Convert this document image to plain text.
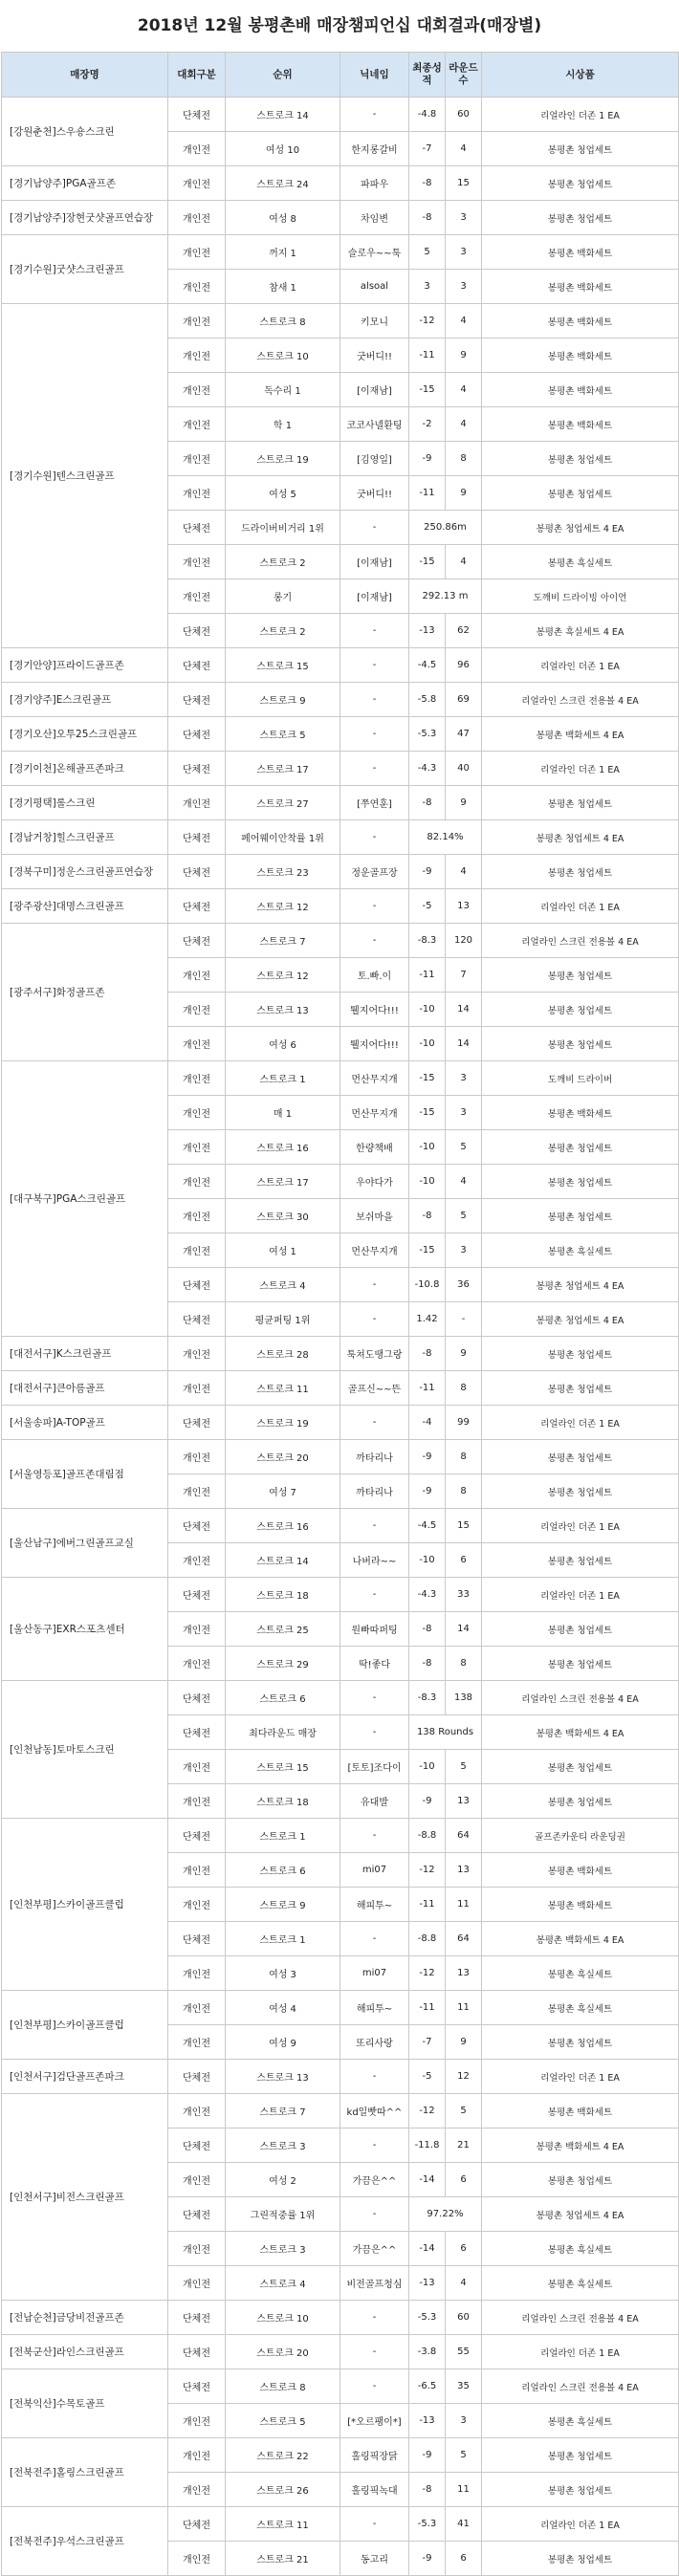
2018년 12월 봉평촌배 매장챔피언십 대회결과(매장별)
매장명	대회구분	순위	닉네임	최종성적	라운드수	시상품
[강원춘천]스우숑스크린	단체전	스트로크 14	-	-4.8	60	리얼라인 더존 1 EA
	개인전	여성 10	한지롱갈비	-7	4	봉평촌 청업세트
[경기남양주]PGA골프존	개인전	스트로크 24	파파우	-8	15	봉평촌 청업세트
[경기남양주]장현굿샷골프연습장	개인전	여성 8	차임변	-8	3	봉평촌 청업세트
[경기수원]굿샷스크린골프	개인전	꺼지 1	슬로우~~툭	5	3	봉평촌 백화세트
	개인전	참새 1	alsoal	3	3	봉평촌 백화세트
[경기수원]텐스크린골프	개인전	스트로크 8	키모니	-12	4	봉평촌 백화세트
	개인전	스트로크 10	굿버디!!	-11	9	봉평촌 백화세트
	개인전	독수리 1	[이재남]	-15	4	봉평촌 백화세트
	개인전	학 1	코코사넬환팅	-2	4	봉평촌 백화세트
	개인전	스트로크 19	[김영일]	-9	8	봉평촌 청업세트
	개인전	여성 5	굿버디!!	-11	9	봉평촌 청업세트
	단체전	드라이버비거리 1위	-	250.86m		봉평촌 청업세트 4 EA
	개인전	스트로크 2	[이재남]	-15	4	봉평촌 흑실세트
	개인전	롱기	[이재남]	292.13 m		도깨비 드라이빙 아이언
	단체전	스트로크 2	-	-13	62	봉평촌 흑실세트 4 EA
[경기안양]프라이드골프존	단체전	스트로크 15	-	-4.5	96	리얼라인 더존 1 EA
[경기양주]E스크린골프	단체전	스트로크 9	-	-5.8	69	리얼라인 스크린 전용볼 4 EA
[경기오산]오투25스크린골프	단체전	스트로크 5	-	-5.3	47	봉평촌 백화세트 4 EA
[경기이천]온해골프존파크	단체전	스트로크 17	-	-4.3	40	리얼라인 더존 1 EA
[경기평택]롤스크린	개인전	스트로크 27	[쭈연훈]	-8	9	봉평촌 청업세트
[경남거창]힐스크린골프	단체전	페어웨이안착률 1위	-	82.14%		봉평촌 청업세트 4 EA
[경북구미]정운스크린골프연습장	단체전	스트로크 23	정운골프장	-9	4	봉평촌 청업세트
[광주광산]대명스크린골프	단체전	스트로크 12	-	-5	13	리얼라인 더존 1 EA
[광주서구]화정골프존	단체전	스트로크 7	-	-8.3	120	리얼라인 스크린 전용볼 4 EA
	개인전	스트로크 12	토.빠.이	-11	7	봉평촌 청업세트
	개인전	스트로크 13	퉬지어다!!!	-10	14	봉평촌 청업세트
	개인전	여성 6	퉬지어다!!!	-10	14	봉평촌 청업세트
[대구북구]PGA스크린골프	개인전	스트로크 1	먼산무지개	-15	3	도깨비 드라이버
	개인전	매 1	먼산무지개	-15	3	봉평촌 백화세트
	개인전	스트로크 16	한량책배	-10	5	봉평촌 청업세트
	개인전	스트로크 17	우야다가	-10	4	봉평촌 청업세트
	개인전	스트로크 30	보쉬마을	-8	5	봉평촌 청업세트
	개인전	여성 1	먼산무지개	-15	3	봉평촌 흑실세트
	단체전	스트로크 4	-	-10.8	36	봉평촌 청업세트 4 EA
	단체전	평균퍼팅 1위	-	1.42	-	봉평촌 청업세트 4 EA
[대전서구]K스크린골프	개인전	스트로크 28	툭쳐도땡그랑	-8	9	봉평촌 청업세트
[대전서구]큰아름골프	개인전	스트로크 11	골프신~~뜬	-11	8	봉평촌 청업세트
[서울송파]A-TOP골프	단체전	스트로크 19	-	-4	99	리얼라인 더존 1 EA
[서울영등포]골프존대림점	개인전	스트로크 20	까타리나	-9	8	봉평촌 청업세트
	개인전	여성 7	까타리나	-9	8	봉평촌 청업세트
[울산남구]에버그린골프교실	단체전	스트로크 16	-	-4.5	15	리얼라인 더존 1 EA
	개인전	스트로크 14	나버라~~	-10	6	봉평촌 청업세트
[울산동구]EXR스포츠센터	단체전	스트로크 18	-	-4.3	33	리얼라인 더존 1 EA
	개인전	스트로크 25	원빠따퍼팅	-8	14	봉평촌 청업세트
	개인전	스트로크 29	딱!좋다	-8	8	봉평촌 청업세트
[인천남동]토마토스크린	단체전	스트로크 6	-	-8.3	138	리얼라인 스크린 전용볼 4 EA
	단체전	최다라운드 매장	-	138 Rounds		봉평촌 백화세트 4 EA
	개인전	스트로크 15	[토토]조다이	-10	5	봉평촌 청업세트
	개인전	스트로크 18	유대발	-9	13	봉평촌 청업세트
[인천부평]스카이골프클럽	단체전	스트로크 1	-	-8.8	64	골프존카운티 라운딩권
	개인전	스트로크 6	mi07	-12	13	봉평촌 백화세트
	개인전	스트로크 9	해피투~	-11	11	봉평촌 백화세트
	단체전	스트로크 1	-	-8.8	64	봉평촌 백화세트 4 EA
	개인전	여성 3	mi07	-12	13	봉평촌 흑실세트
[인천부평]스카이골프클럽	개인전	여성 4	해피투~	-11	11	봉평촌 흑실세트
	개인전	여성 9	또리사랑	-7	9	봉평촌 청업세트
[인천서구]검단골프존파크	단체전	스트로크 13	-	-5	12	리얼라인 더존 1 EA
[인천서구]비전스크린골프	개인전	스트로크 7	kd일빳따^^	-12	5	봉평촌 백화세트
	단체전	스트로크 3	-	-11.8	21	봉평촌 백화세트 4 EA
	개인전	여성 2	가끔은^^	-14	6	봉평촌 청업세트
	단체전	그린적중률 1위	-	97.22%		봉평촌 청업세트 4 EA
	개인전	스트로크 3	가끔은^^	-14	6	봉평촌 흑실세트
	개인전	스트로크 4	비전골프청심	-13	4	봉평촌 흑실세트
[전남순천]금당비전골프존	단체전	스트로크 10	-	-5.3	60	리얼라인 스크린 전용볼 4 EA
[전북군산]라인스크린골프	단체전	스트로크 20	-	-3.8	55	리얼라인 더존 1 EA
[전북익산]수목토골프	단체전	스트로크 8	-	-6.5	35	리얼라인 스크린 전용볼 4 EA
	개인전	스트로크 5	[*오르팽이*]	-13	3	봉평촌 흑실세트
[전북전주]홀링스크린골프	개인전	스트로크 22	홀링픽장닭	-9	5	봉평촌 청업세트
	개인전	스트로크 26	홀링픽녹대	-8	11	봉평촌 청업세트
[전북전주]우석스크린골프	단체전	스트로크 11	-	-5.3	41	리얼라인 더존 1 EA
	개인전	스트로크 21	동고리	-9	6	봉평촌 청업세트
